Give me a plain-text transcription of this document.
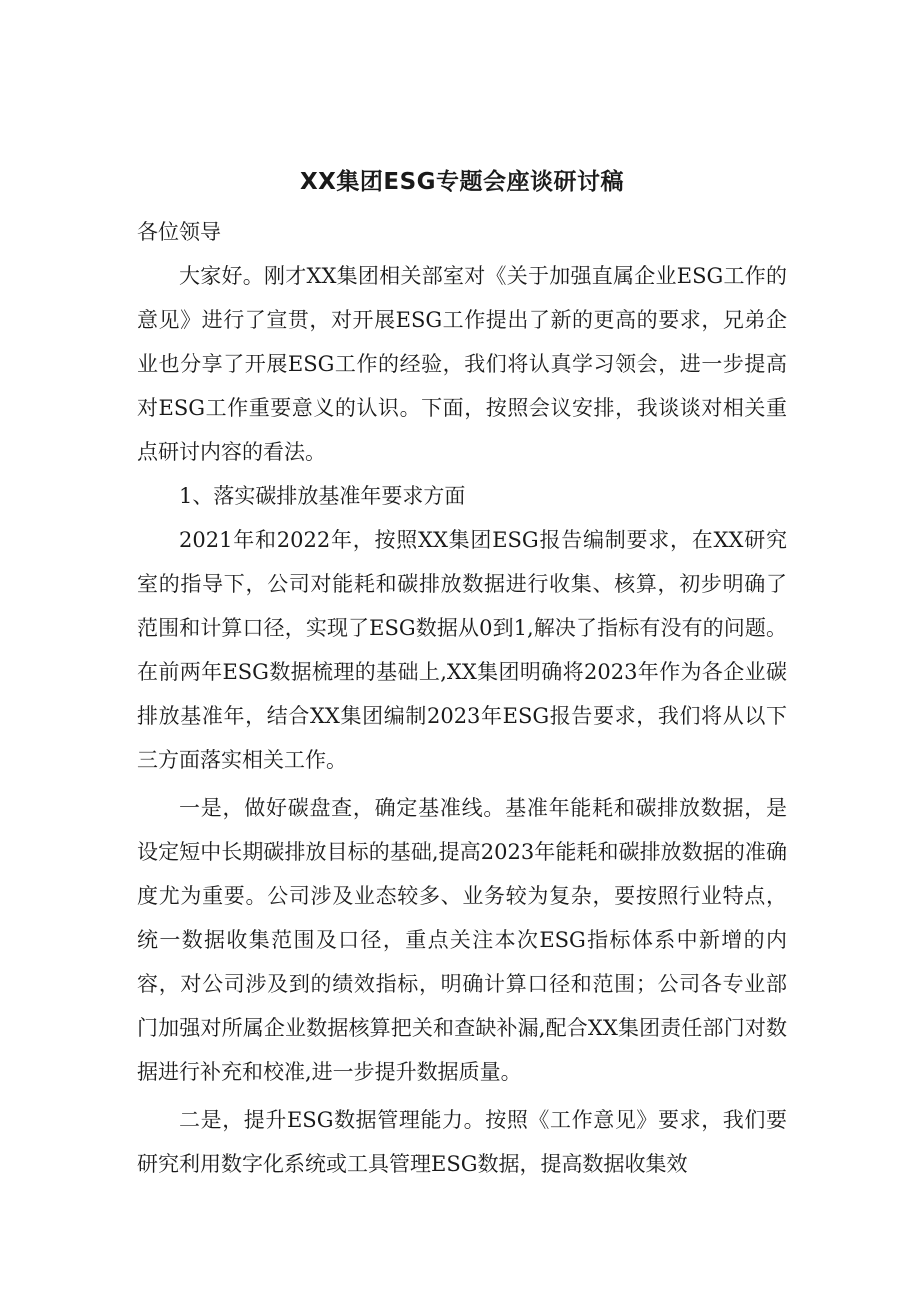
XX集团ESG专题会座谈研讨稿

各位领导

大家好。刚才XX集团相关部室对《关于加强直属企业ESG工作的意见》进行了宣贯，对开展ESG工作提出了新的更高的要求，兄弟企业也分享了开展ESG工作的经验，我们将认真学习领会，进一步提高对ESG工作重要意义的认识。下面，按照会议安排，我谈谈对相关重点研讨内容的看法。

1、落实碳排放基准年要求方面

2021年和2022年，按照XX集团ESG报告编制要求，在XX研究室的指导下，公司对能耗和碳排放数据进行收集、核算，初步明确了范围和计算口径，实现了ESG数据从0到1,解决了指标有没有的问题。在前两年ESG数据梳理的基础上,XX集团明确将2023年作为各企业碳排放基准年，结合XX集团编制2023年ESG报告要求，我们将从以下三方面落实相关工作。

一是，做好碳盘查，确定基准线。基准年能耗和碳排放数据，是设定短中长期碳排放目标的基础,提高2023年能耗和碳排放数据的准确度尤为重要。公司涉及业态较多、业务较为复杂，要按照行业特点，统一数据收集范围及口径，重点关注本次ESG指标体系中新增的内容，对公司涉及到的绩效指标，明确计算口径和范围；公司各专业部门加强对所属企业数据核算把关和查缺补漏,配合XX集团责任部门对数据进行补充和校准,进一步提升数据质量。

二是，提升ESG数据管理能力。按照《工作意见》要求，我们要研究利用数字化系统或工具管理ESG数据，提高数据收集效
